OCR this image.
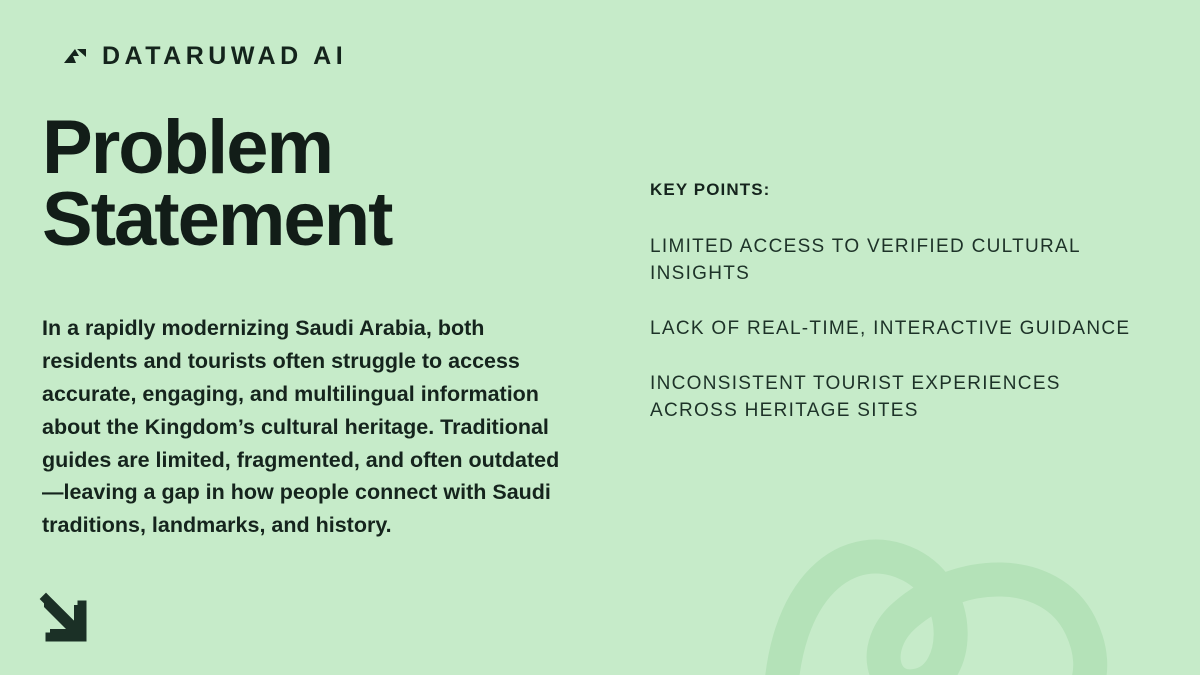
DATARUWAD AI
Problem
Statement

In a rapidly modernizing Saudi Arabia, both residents and tourists often struggle to access accurate, engaging, and multilingual information about the Kingdom’s cultural heritage. Traditional guides are limited, fragmented, and often outdated—leaving a gap in how people connect with Saudi traditions, landmarks, and history.

KEY POINTS:
LIMITED ACCESS TO VERIFIED CULTURAL INSIGHTS
LACK OF REAL-TIME, INTERACTIVE GUIDANCE
INCONSISTENT TOURIST EXPERIENCES ACROSS HERITAGE SITES
